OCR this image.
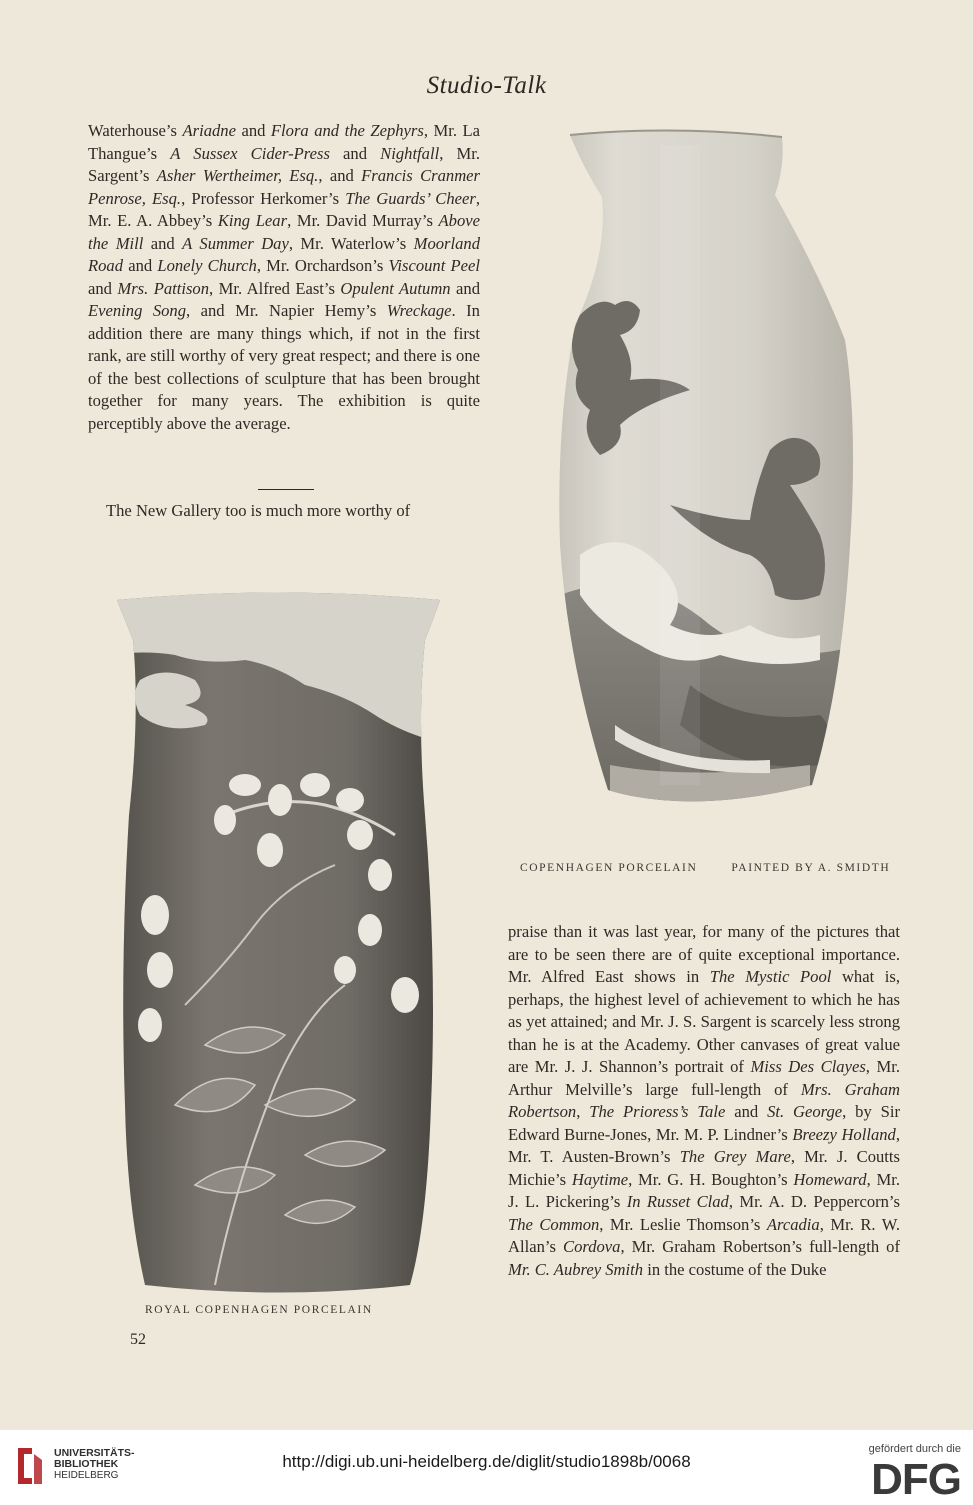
Studio-Talk

Waterhouse’s Ariadne and Flora and the Zephyrs, Mr. La Thangue’s A Sussex Cider-Press and Nightfall, Mr. Sargent’s Asher Wertheimer, Esq., and Francis Cranmer Penrose, Esq., Professor Herkomer’s The Guards’ Cheer, Mr. E. A. Abbey’s King Lear, Mr. David Murray’s Above the Mill and A Summer Day, Mr. Waterlow’s Moorland Road and Lonely Church, Mr. Orchardson’s Viscount Peel and Mrs. Pattison, Mr. Alfred East’s Opulent Autumn and Evening Song, and Mr. Napier Hemy’s Wreckage. In addition there are many things which, if not in the first rank, are still worthy of very great respect; and there is one of the best collections of sculpture that has been brought together for many years. The exhibition is quite perceptibly above the average.

The New Gallery too is much more worthy of

COPENHAGEN PORCELAIN	PAINTED BY A. SMIDTH
ROYAL COPENHAGEN PORCELAIN
52

praise than it was last year, for many of the pictures that are to be seen there are of quite exceptional importance. Mr. Alfred East shows in The Mystic Pool what is, perhaps, the highest level of achievement to which he has as yet attained; and Mr. J. S. Sargent is scarcely less strong than he is at the Academy. Other canvases of great value are Mr. J. J. Shannon’s portrait of Miss Des Clayes, Mr. Arthur Melville’s large full-length of Mrs. Graham Robertson, The Prioress’s Tale and St. George, by Sir Edward Burne-Jones, Mr. M. P. Lindner’s Breezy Holland, Mr. T. Austen-Brown’s The Grey Mare, Mr. J. Coutts Michie’s Haytime, Mr. G. H. Boughton’s Homeward, Mr. J. L. Pickering’s In Russet Clad, Mr. A. D. Peppercorn’s The Common, Mr. Leslie Thomson’s Arcadia, Mr. R. W. Allan’s Cordova, Mr. Graham Robertson’s full-length of Mr. C. Aubrey Smith in the costume of the Duke

UNIVERSITÄTS-
BIBLIOTHEK
HEIDELBERG
http://digi.ub.uni-heidelberg.de/diglit/studio1898b/0068
gefördert durch die
DFG
